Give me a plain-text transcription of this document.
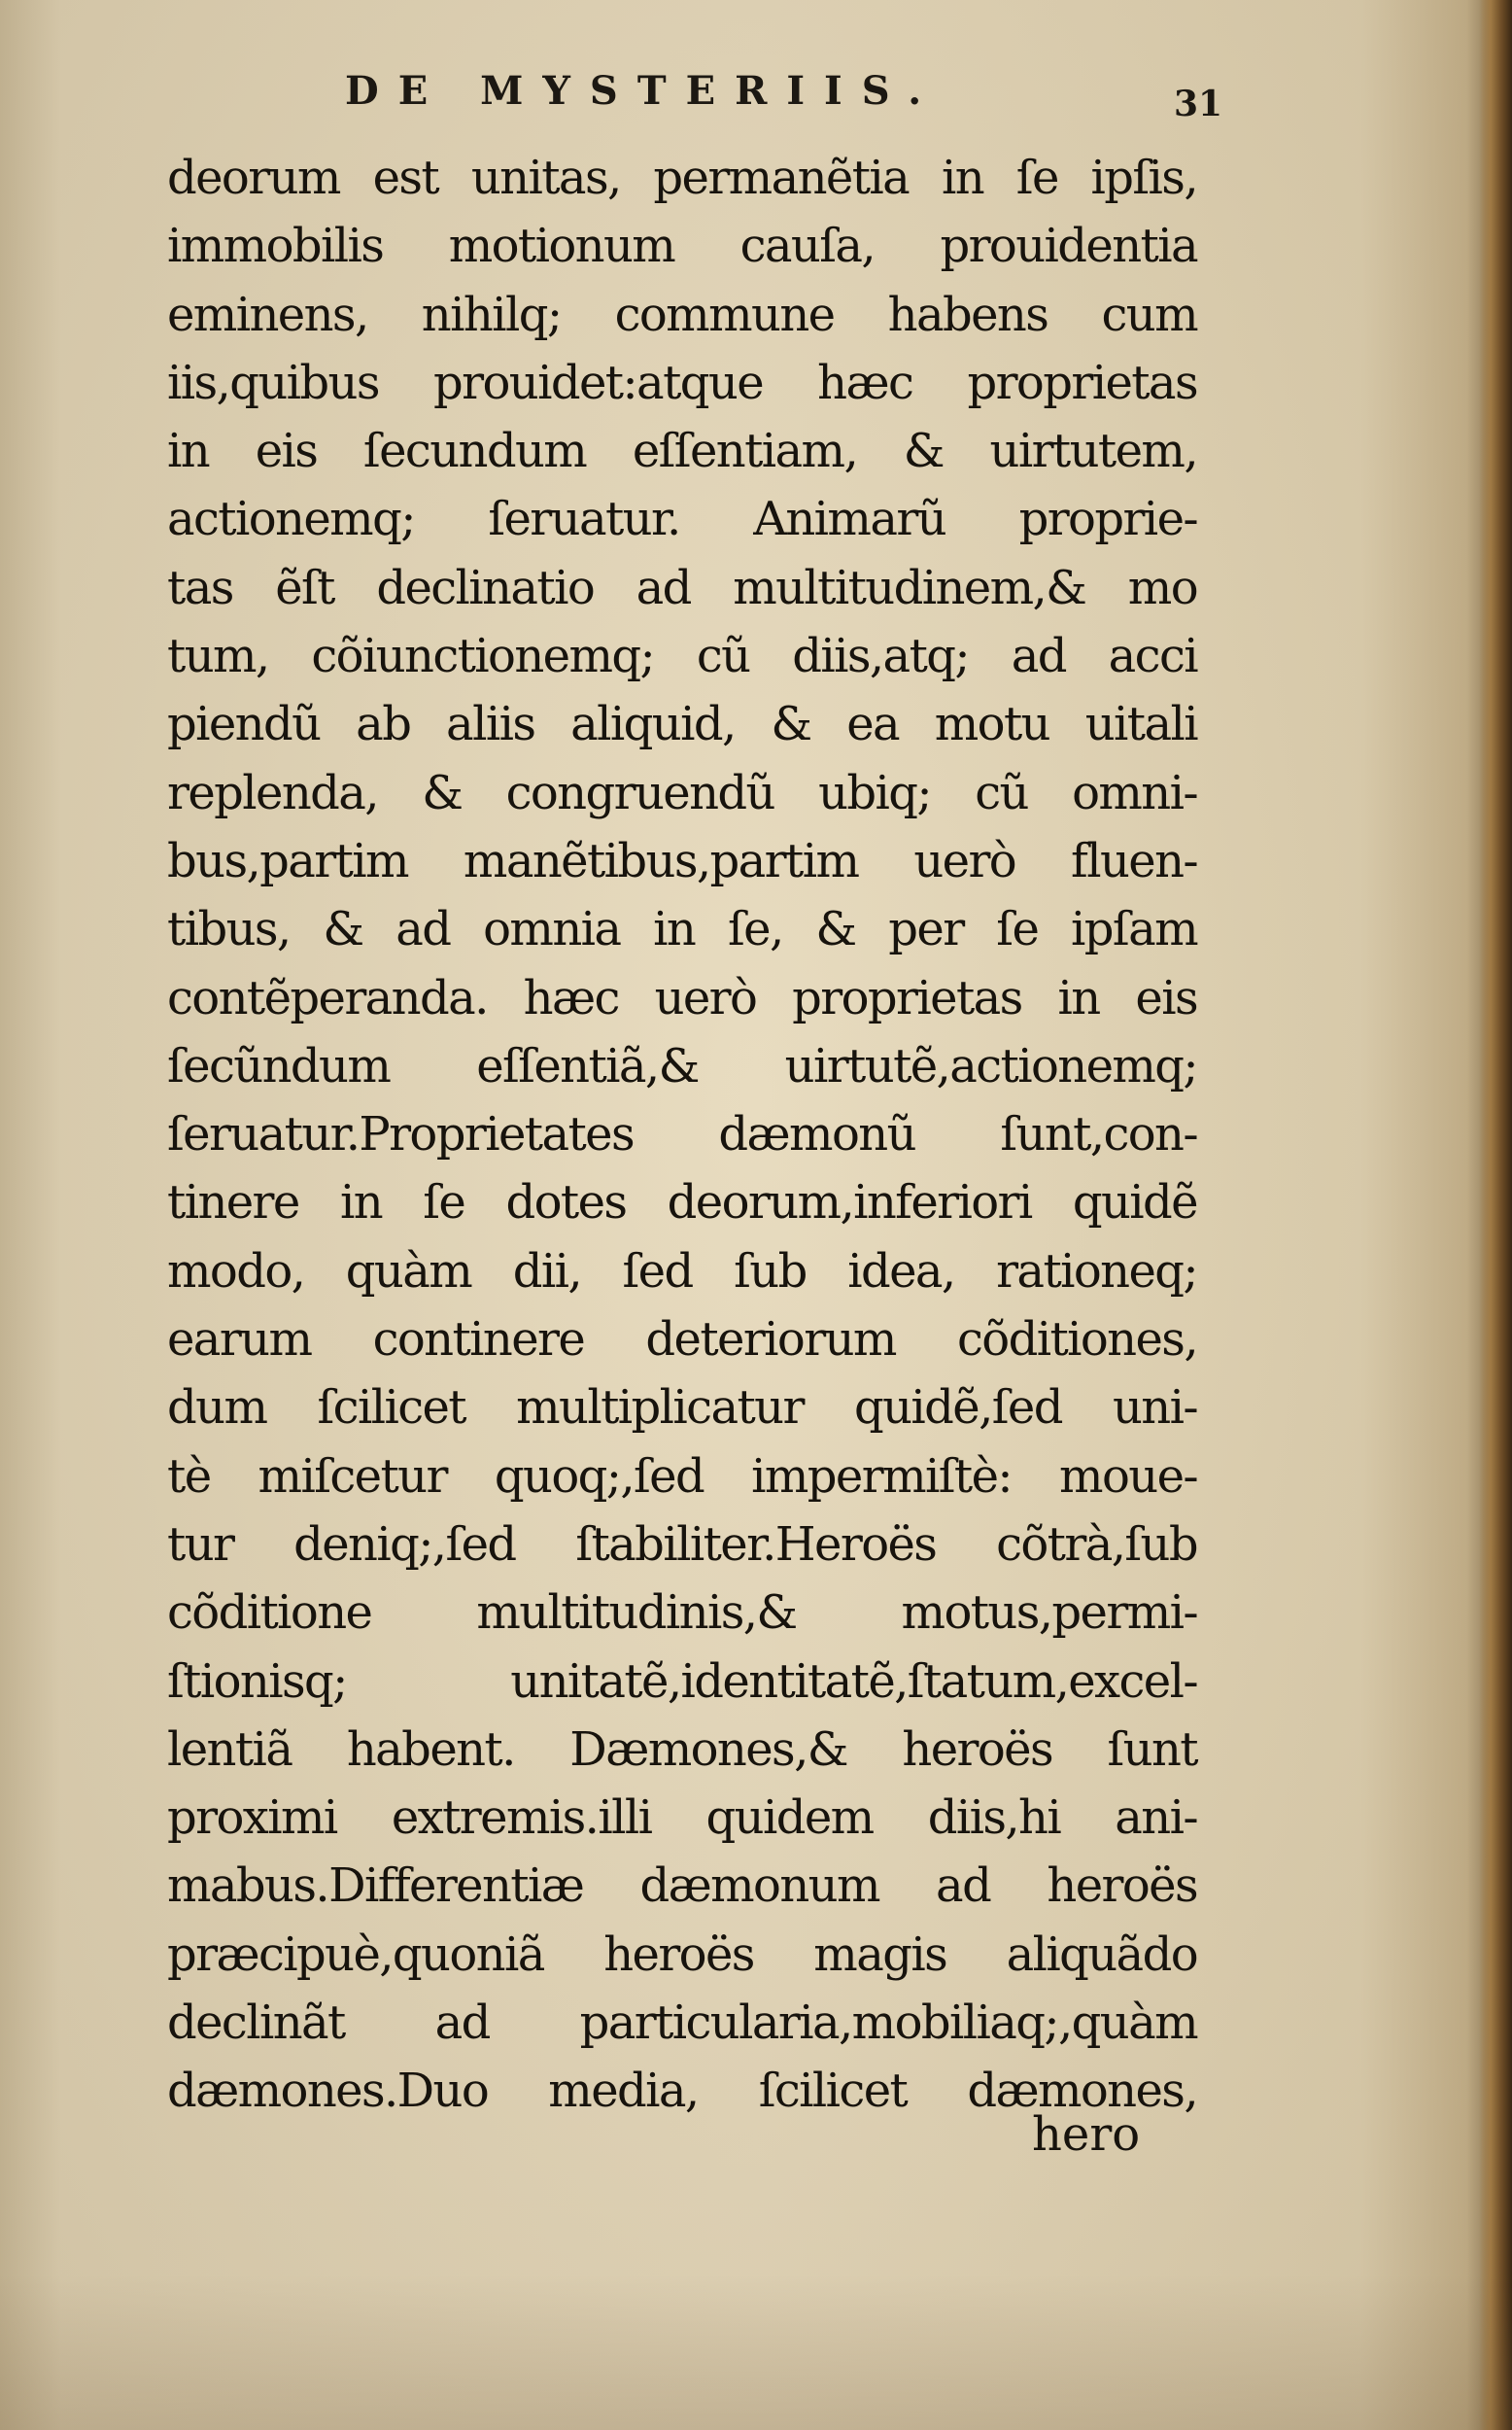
DE MYSTERIIS.	31
deorum est unitas, permanẽtia in ſe ipſis,
immobilis motionum cauſa, prouidentia
eminens, nihilq; commune habens cum
iis,quibus prouidet:atque hæc proprietas
in eis ſecundum eſſentiam, & uirtutem,
actionemq; ſeruatur. Animarũ proprie-
tas ẽſt declinatio ad multitudinem,& mo
tum, cõiunctionemq; cũ diis,atq; ad acci
piendũ ab aliis aliquid, & ea motu uitali
replenda, & congruendũ ubiq; cũ omni-
bus,partim manẽtibus,partim uerò fluen-
tibus, & ad omnia in ſe, & per ſe ipſam
contẽperanda. hæc uerò proprietas in eis
ſecũndum eſſentiã,& uirtutẽ,actionemq;
ſeruatur.Proprietates dæmonũ ſunt,con-
tinere in ſe dotes deorum,inferiori quidẽ
modo, quàm dii, ſed ſub idea, rationeq;
earum continere deteriorum cõditiones,
dum ſcilicet multiplicatur quidẽ,ſed uni-
tè miſcetur quoq;,ſed impermiſtè: moue-
tur deniq;,ſed ſtabiliter.Heroës cõtrà,ſub
cõditione multitudinis,& motus,permi-
ſtionisq; unitatẽ,identitatẽ,ſtatum,excel-
lentiã habent. Dæmones,& heroës ſunt
proximi extremis.illi quidem diis,hi ani-
mabus.Differentiæ dæmonum ad heroës
præcipuè,quoniã heroës magis aliquãdo
declinãt ad particularia,mobiliaq;,quàm
dæmones.Duo media, ſcilicet dæmones,
hero
